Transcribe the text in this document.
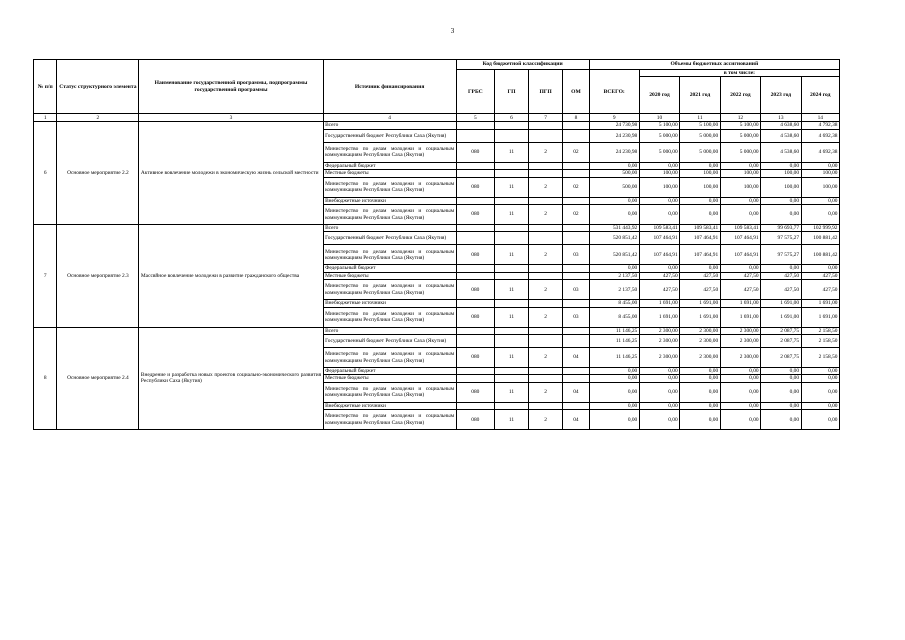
3
№ п/п	Статус структурного элемента	Наименование государственной программы, подпрограммы государственной программы	Источник финансирования	Код бюджетной классификации				Объемы бюджетных ассигнований					
				ГРБС	ГП	ПГП	ОМ	ВСЕГО:	в том числе:				
									2020 год	2021 год	2022 год	2023 год	2024 год
1	2	3	4	5	6	7	8	9	10	11	12	13	14
6	Основное мероприятие 2.2	Активное вовлечение молодежи в экономическую жизнь сельской местности	Всего					24 730,98	5 100,00	5 100,00	5 100,00	4 638,60	4 792,38
			Государственный бюджет Республики Саха (Якутия)					24 230,98	5 000,00	5 000,00	5 000,00	4 538,60	4 692,38
			Министерство по делам молодежи и социальным коммуникациям Республики Саха (Якутия)	080	11	2	02	24 230,98	5 000,00	5 000,00	5 000,00	4 538,60	4 692,38
			Федеральный бюджет					0,00	0,00	0,00	0,00	0,00	0,00
			Местные бюджеты					500,00	100,00	100,00	100,00	100,00	100,00
			Министерство по делам молодежи и социальным коммуникациям Республики Саха (Якутия)	080	11	2	02	500,00	100,00	100,00	100,00	100,00	100,00
			Внебюджетные источники					0,00	0,00	0,00	0,00	0,00	0,00
			Министерство по делам молодежи и социальным коммуникациям Республики Саха (Якутия)	080	11	2	02	0,00	0,00	0,00	0,00	0,00	0,00
7	Основное мероприятие 2.3	Массвйное вовлечение молодежи в развитие гражданского общества	Всего					531 443,92	109 583,41	109 583,41	109 583,41	99 693,77	102 999,92
			Государственный бюджет Республики Саха (Якутия)					520 851,42	107 464,91	107 464,91	107 464,91	97 575,27	100 881,42
			Министерство по делам молодежи и социальным коммуникациям Республики Саха (Якутия)	080	11	2	03	520 851,42	107 464,91	107 464,91	107 464,91	97 575,27	100 881,42
			Федеральный бюджет					0,00	0,00	0,00	0,00	0,00	0,00
			Местные бюджеты					2 137,50	427,50	427,50	427,50	427,50	427,50
			Министерство по делам молодежи и социальным коммуникациям Республики Саха (Якутия)	080	11	2	03	2 137,50	427,50	427,50	427,50	427,50	427,50
			Внебюджетные источники					8 455,00	1 691,00	1 691,00	1 691,00	1 691,00	1 691,00
			Министерство по делам молодежи и социальным коммуникациям Республики Саха (Якутия)	080	11	2	03	8 455,00	1 691,00	1 691,00	1 691,00	1 691,00	1 691,00
8	Основное мероприятие 2.4	Внедрение и разработка новых проектов социально-экономического развития Республики Саха (Якутия)	Всего					11 146,25	2 300,00	2 300,00	2 300,00	2 087,75	2 158,50
			Государственный бюджет Республики Саха (Якутия)					11 146,25	2 300,00	2 300,00	2 300,00	2 087,75	2 158,50
			Министерство по делам молодежи и социальным коммуникациям Республики Саха (Якутия)	080	11	2	04	11 146,25	2 300,00	2 300,00	2 300,00	2 087,75	2 158,50
			Федеральный бюджет					0,00	0,00	0,00	0,00	0,00	0,00
			Местные бюджеты					0,00	0,00	0,00	0,00	0,00	0,00
			Министерство по делам молодежи и социальным коммуникациям Республики Саха (Якутия)	080	11	2	04	0,00	0,00	0,00	0,00	0,00	0,00
			Внебюджетные источники					0,00	0,00	0,00	0,00	0,00	0,00
			Министерство по делам молодежи и социальным коммуникациям Республики Саха (Якутия)	080	11	2	04	0,00	0,00	0,00	0,00	0,00	0,00
